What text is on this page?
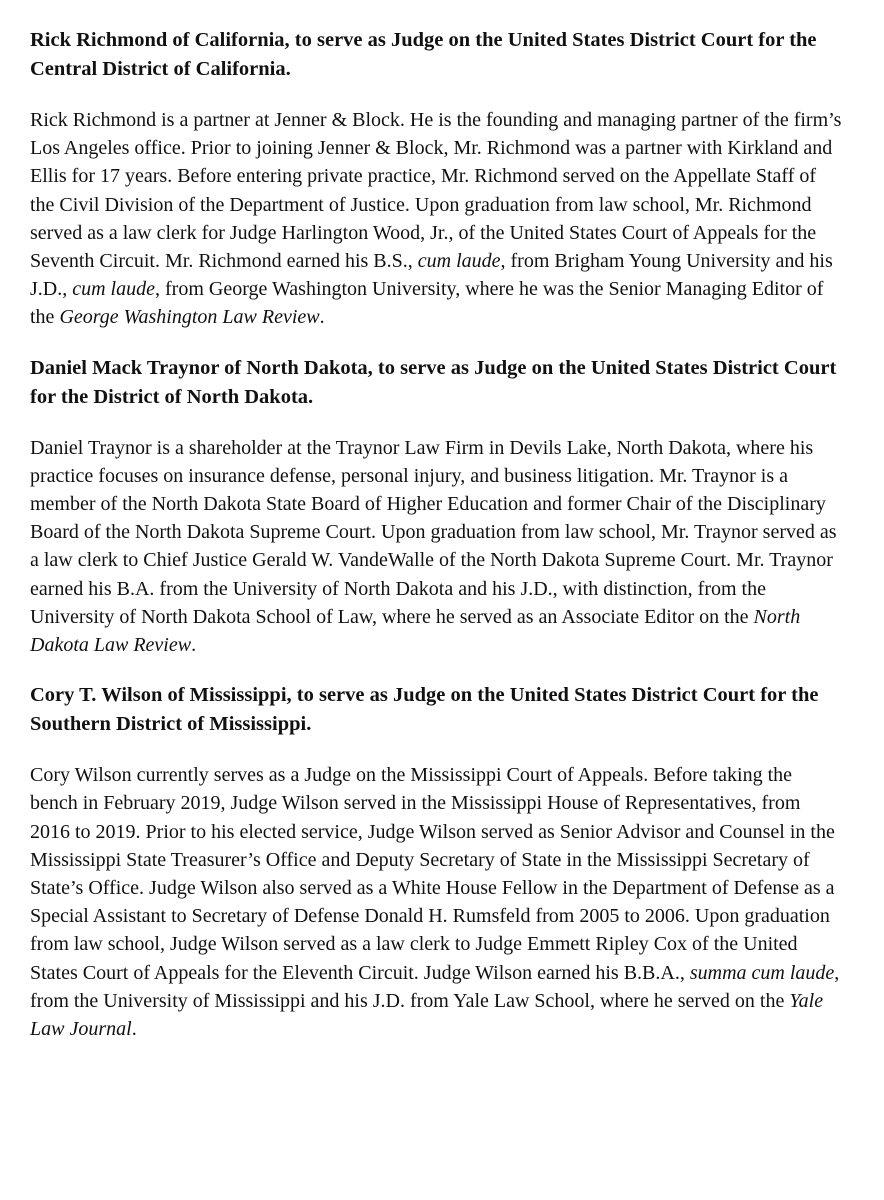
Rick Richmond of California, to serve as Judge on the United States District Court for the Central District of California.

Rick Richmond is a partner at Jenner & Block. He is the founding and managing partner of the firm’s Los Angeles office. Prior to joining Jenner & Block, Mr. Richmond was a partner with Kirkland and Ellis for 17 years. Before entering private practice, Mr. Richmond served on the Appellate Staff of the Civil Division of the Department of Justice. Upon graduation from law school, Mr. Richmond served as a law clerk for Judge Harlington Wood, Jr., of the United States Court of Appeals for the Seventh Circuit. Mr. Richmond earned his B.S., cum laude, from Brigham Young University and his J.D., cum laude, from George Washington University, where he was the Senior Managing Editor of the George Washington Law Review.

Daniel Mack Traynor of North Dakota, to serve as Judge on the United States District Court for the District of North Dakota.

Daniel Traynor is a shareholder at the Traynor Law Firm in Devils Lake, North Dakota, where his practice focuses on insurance defense, personal injury, and business litigation. Mr. Traynor is a member of the North Dakota State Board of Higher Education and former Chair of the Disciplinary Board of the North Dakota Supreme Court. Upon graduation from law school, Mr. Traynor served as a law clerk to Chief Justice Gerald W. VandeWalle of the North Dakota Supreme Court. Mr. Traynor earned his B.A. from the University of North Dakota and his J.D., with distinction, from the University of North Dakota School of Law, where he served as an Associate Editor on the North Dakota Law Review.

Cory T. Wilson of Mississippi, to serve as Judge on the United States District Court for the Southern District of Mississippi.

Cory Wilson currently serves as a Judge on the Mississippi Court of Appeals. Before taking the bench in February 2019, Judge Wilson served in the Mississippi House of Representatives, from 2016 to 2019. Prior to his elected service, Judge Wilson served as Senior Advisor and Counsel in the Mississippi State Treasurer’s Office and Deputy Secretary of State in the Mississippi Secretary of State’s Office. Judge Wilson also served as a White House Fellow in the Department of Defense as a Special Assistant to Secretary of Defense Donald H. Rumsfeld from 2005 to 2006. Upon graduation from law school, Judge Wilson served as a law clerk to Judge Emmett Ripley Cox of the United States Court of Appeals for the Eleventh Circuit. Judge Wilson earned his B.B.A., summa cum laude, from the University of Mississippi and his J.D. from Yale Law School, where he served on the Yale Law Journal.
